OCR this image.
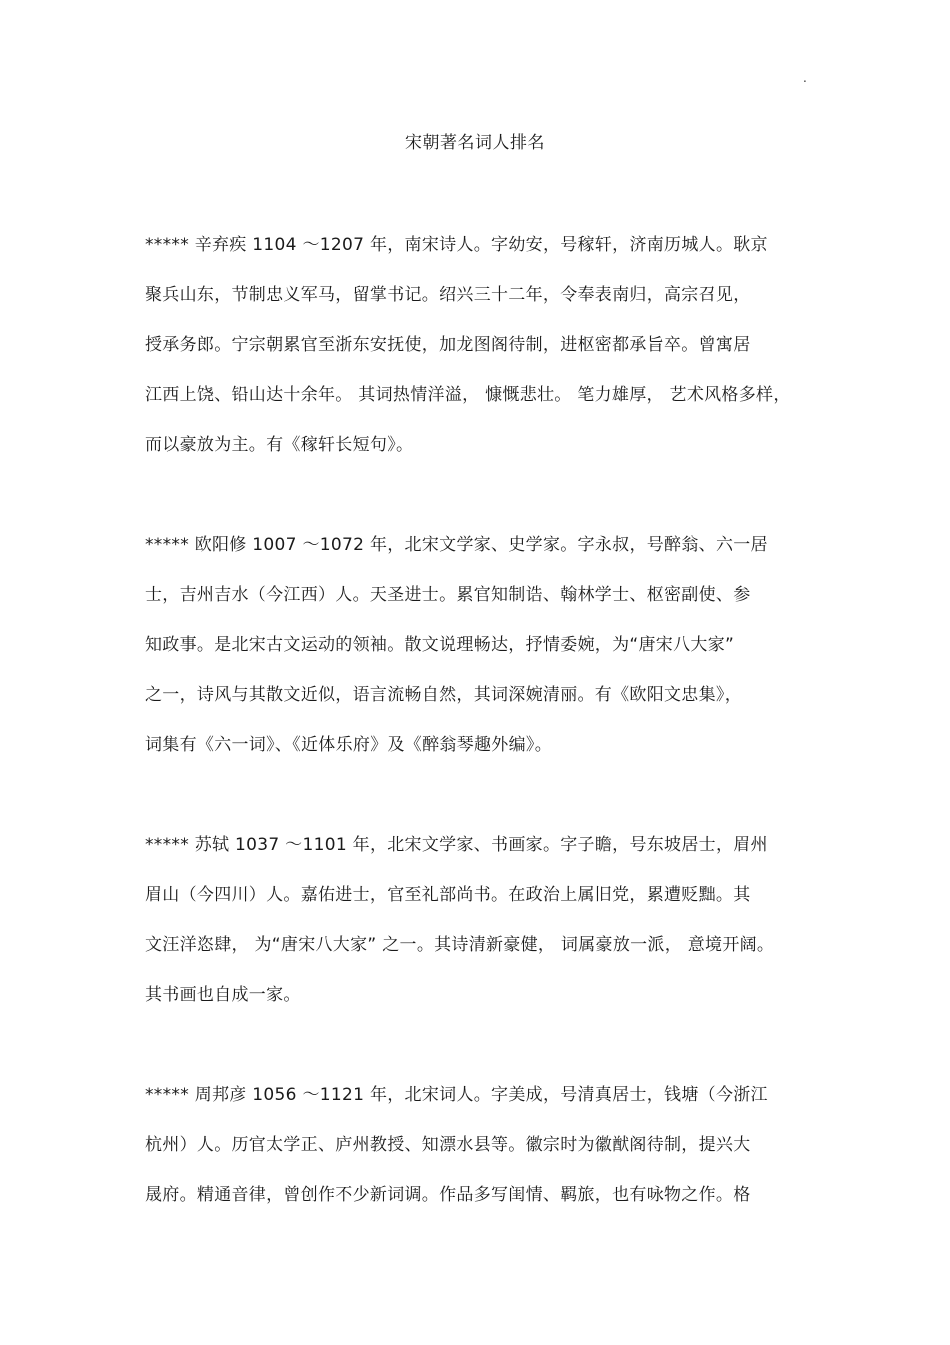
.
宋朝著名词人排名
***** 辛弃疾 1104 ～1207 年，南宋诗人。字幼安，号稼轩，济南历城人。耿京
聚兵山东，节制忠义军马，留掌书记。绍兴三十二年，令奉表南归，高宗召见，
授承务郎。宁宗朝累官至浙东安抚使，加龙图阁待制，进枢密都承旨卒。曾寓居
江西上饶、铅山达十余年。 其词热情洋溢， 慷慨悲壮。 笔力雄厚， 艺术风格多样，
而以豪放为主。有《稼轩长短句》。
***** 欧阳修 1007 ～1072 年，北宋文学家、史学家。字永叔，号醉翁、六一居
士，吉州吉水（今江西）人。天圣进士。累官知制诰、翰林学士、枢密副使、参
知政事。是北宋古文运动的领袖。散文说理畅达，抒情委婉，为“唐宋八大家”
之一，诗风与其散文近似，语言流畅自然，其词深婉清丽。有《欧阳文忠集》，
词集有《六一词》、《近体乐府》及《醉翁琴趣外编》。
***** 苏轼 1037 ～1101 年，北宋文学家、书画家。字子瞻，号东坡居士，眉州
眉山（今四川）人。嘉佑进士，官至礼部尚书。在政治上属旧党，累遭贬黜。其
文汪洋恣肆， 为“唐宋八大家” 之一。其诗清新豪健， 词属豪放一派， 意境开阔。
其书画也自成一家。
***** 周邦彦 1056 ～1121 年，北宋词人。字美成，号清真居士，钱塘（今浙江
杭州）人。历官太学正、庐州教授、知漂水县等。徽宗时为徽猷阁待制，提兴大
晟府。精通音律，曾创作不少新词调。作品多写闺情、羁旅，也有咏物之作。格
